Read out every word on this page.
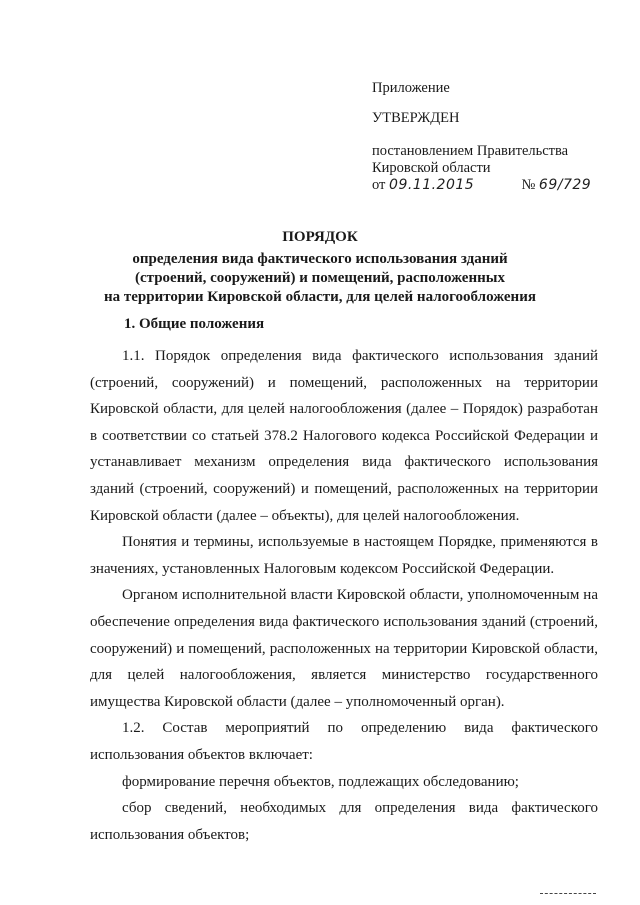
Приложение
УТВЕРЖДЕН
постановлением Правительства
Кировской области
от 09.11.2015	№ 69/729
ПОРЯДОК
определения вида фактического использования зданий
(строений, сооружений) и помещений, расположенных
на территории Кировской области, для целей налогообложения
1. Общие положения

1.1. Порядок определения вида фактического использования зданий (строений, сооружений) и помещений, расположенных на территории Кировской области, для целей налогообложения (далее – Порядок) разработан в соответствии со статьей 378.2 Налогового кодекса Российской Федерации и устанавливает механизм определения вида фактического использования зданий (строений, сооружений) и помещений, расположенных на территории Кировской области (далее – объекты), для целей налогообложения.

Понятия и термины, используемые в настоящем Порядке, применяются в значениях, установленных Налоговым кодексом Российской Федерации.

Органом исполнительной власти Кировской области, уполномоченным на обеспечение определения вида фактического использования зданий (строений, сооружений) и помещений, расположенных на территории Кировской области, для целей налогообложения, является министерство государственного имущества Кировской области (далее – уполномоченный орган).

1.2. Состав мероприятий по определению вида фактического использования объектов включает:

формирование перечня объектов, подлежащих обследованию;

сбор сведений, необходимых для определения вида фактического использования объектов;
